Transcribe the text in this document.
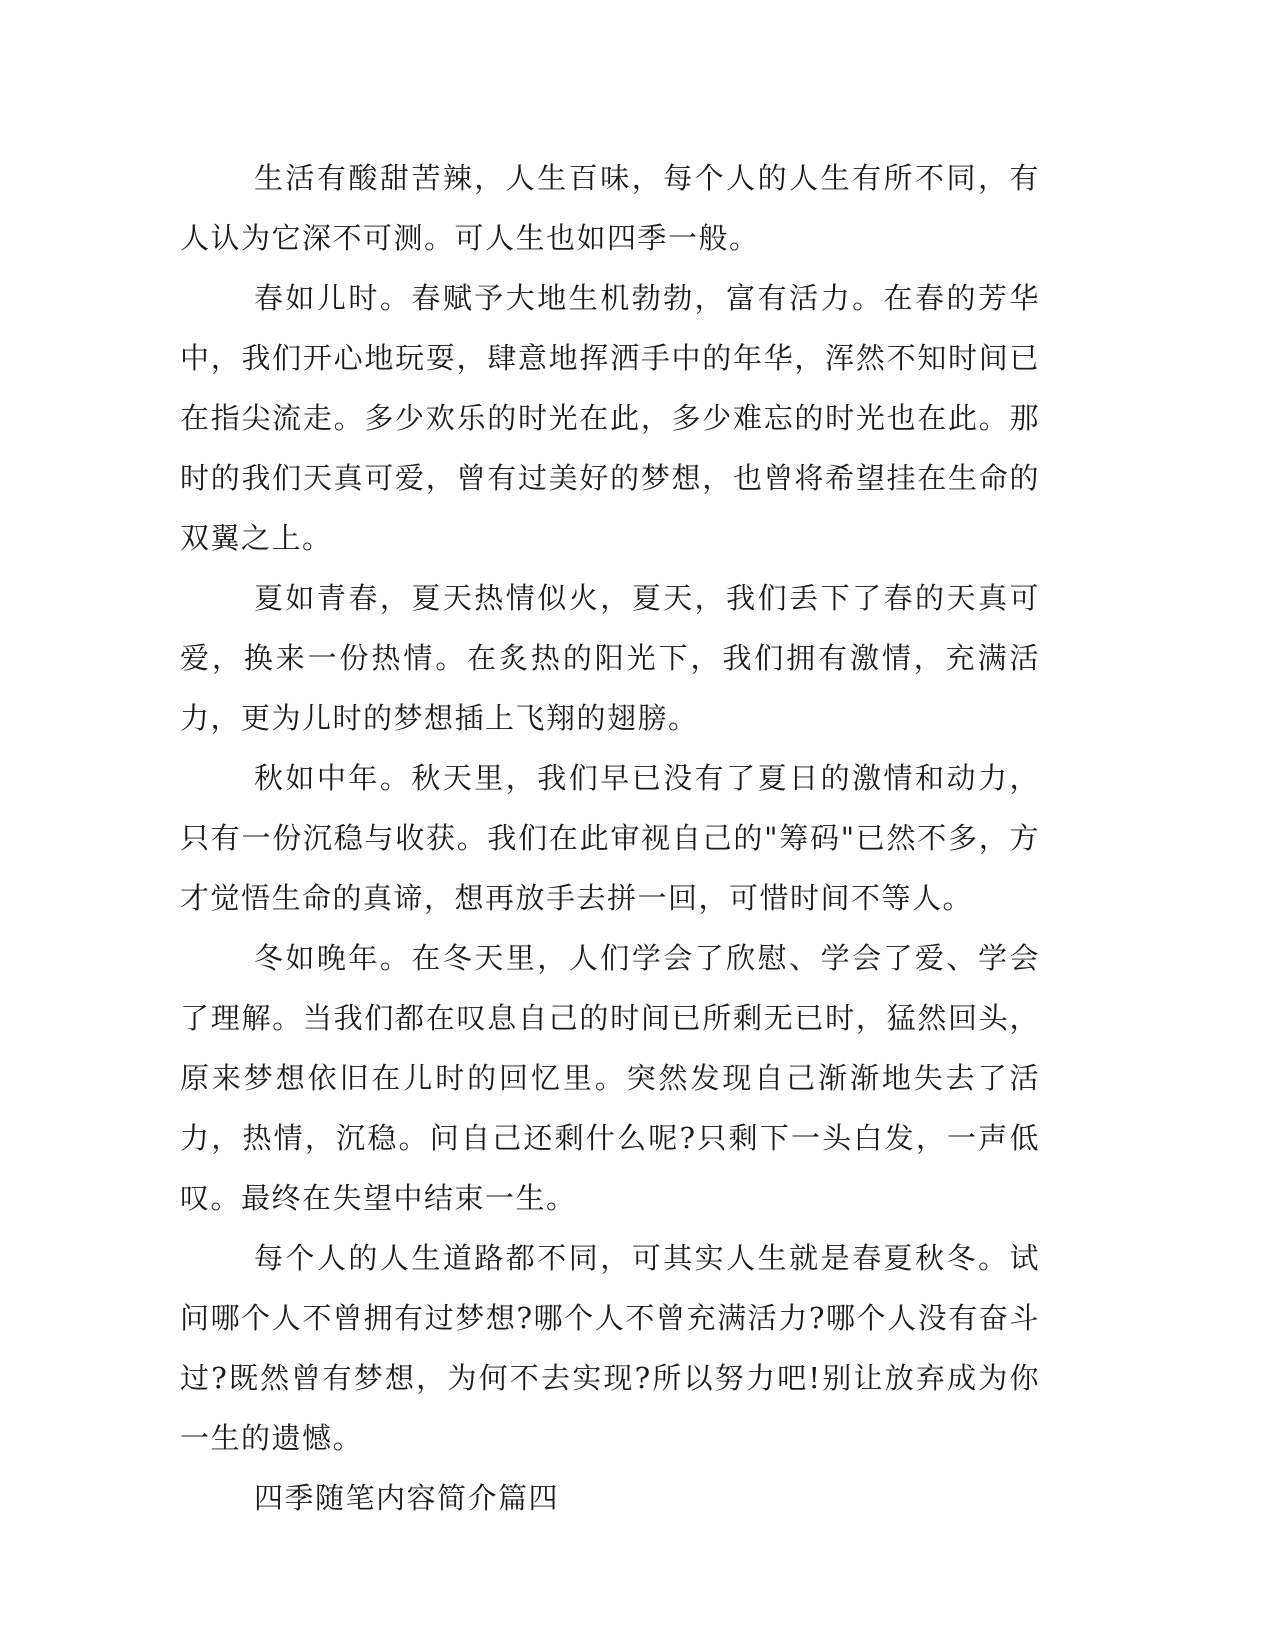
生活有酸甜苦辣，人生百味，每个人的人生有所不同，有人认为它深不可测。可人生也如四季一般。

春如儿时。春赋予大地生机勃勃，富有活力。在春的芳华中，我们开心地玩耍，肆意地挥洒手中的年华，浑然不知时间已在指尖流走。多少欢乐的时光在此，多少难忘的时光也在此。那时的我们天真可爱，曾有过美好的梦想，也曾将希望挂在生命的双翼之上。

夏如青春，夏天热情似火，夏天，我们丢下了春的天真可爱，换来一份热情。在炙热的阳光下，我们拥有激情，充满活力，更为儿时的梦想插上飞翔的翅膀。

秋如中年。秋天里，我们早已没有了夏日的激情和动力，只有一份沉稳与收获。我们在此审视自己的"筹码"已然不多，方才觉悟生命的真谛，想再放手去拼一回，可惜时间不等人。

冬如晚年。在冬天里，人们学会了欣慰、学会了爱、学会了理解。当我们都在叹息自己的时间已所剩无已时，猛然回头，原来梦想依旧在儿时的回忆里。突然发现自己渐渐地失去了活力，热情，沉稳。问自己还剩什么呢?只剩下一头白发，一声低叹。最终在失望中结束一生。

每个人的人生道路都不同，可其实人生就是春夏秋冬。试问哪个人不曾拥有过梦想?哪个人不曾充满活力?哪个人没有奋斗过?既然曾有梦想，为何不去实现?所以努力吧!别让放弃成为你一生的遗憾。

四季随笔内容简介篇四
